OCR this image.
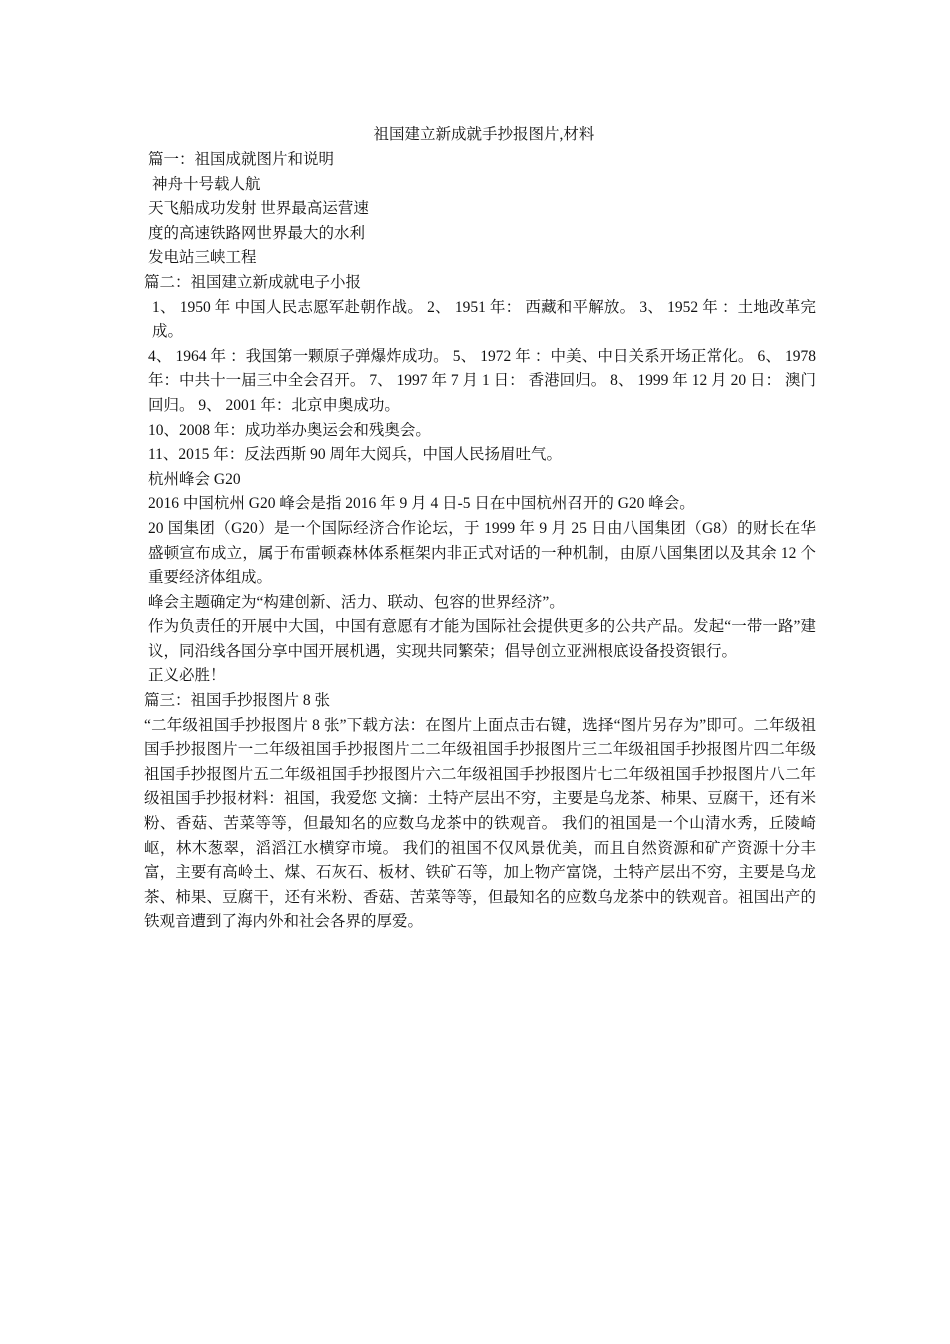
祖国建立新成就手抄报图片,材料

篇一：祖国成就图片和说明

神舟十号载人航

天飞船成功发射 世界最高运营速

度的高速铁路网世界最大的水利

发电站三峡工程

篇二：祖国建立新成就电子小报

1、 1950 年 中国人民志愿军赴朝作战。 2、 1951 年： 西藏和平解放。 3、 1952 年 ：土地改革完成。

4、 1964 年 ：我国第一颗原子弹爆炸成功。 5、 1972 年 ：中美、中日关系开场正常化。 6、 1978 年：中共十一届三中全会召开。 7、 1997 年 7 月 1 日： 香港回归。 8、 1999 年 12 月 20 日： 澳门回归。 9、 2001 年：北京申奥成功。

10、2008 年：成功举办奥运会和残奥会。

11、2015 年：反法西斯 90 周年大阅兵，中国人民扬眉吐气。

杭州峰会 G20

2016 中国杭州 G20 峰会是指 2016 年 9 月 4 日-5 日在中国杭州召开的 G20 峰会。

20 国集团（G20）是一个国际经济合作论坛，于 1999 年 9 月 25 日由八国集团（G8）的财长在华盛顿宣布成立，属于布雷顿森林体系框架内非正式对话的一种机制，由原八国集团以及其余 12 个重要经济体组成。

峰会主题确定为“构建创新、活力、联动、包容的世界经济”。

作为负责任的开展中大国，中国有意愿有才能为国际社会提供更多的公共产品。发起“一带一路”建议，同沿线各国分享中国开展机遇，实现共同繁荣；倡导创立亚洲根底设备投资银行。

正义必胜！

篇三：祖国手抄报图片 8 张

“二年级祖国手抄报图片 8 张”下载方法：在图片上面点击右键，选择“图片另存为”即可。二年级祖国手抄报图片一二年级祖国手抄报图片二二年级祖国手抄报图片三二年级祖国手抄报图片四二年级祖国手抄报图片五二年级祖国手抄报图片六二年级祖国手抄报图片七二年级祖国手抄报图片八二年级祖国手抄报材料：祖国，我爱您 文摘：土特产层出不穷，主要是乌龙茶、柿果、豆腐干，还有米粉、香菇、苦菜等等，但最知名的应数乌龙茶中的铁观音。 我们的祖国是一个山清水秀，丘陵崎岖，林木葱翠，滔滔江水横穿市境。 我们的祖国不仅风景优美，而且自然资源和矿产资源十分丰富，主要有高岭土、煤、石灰石、板材、铁矿石等，加上物产富饶，土特产层出不穷，主要是乌龙茶、柿果、豆腐干，还有米粉、香菇、苦菜等等，但最知名的应数乌龙茶中的铁观音。祖国出产的铁观音遭到了海内外和社会各界的厚爱。
